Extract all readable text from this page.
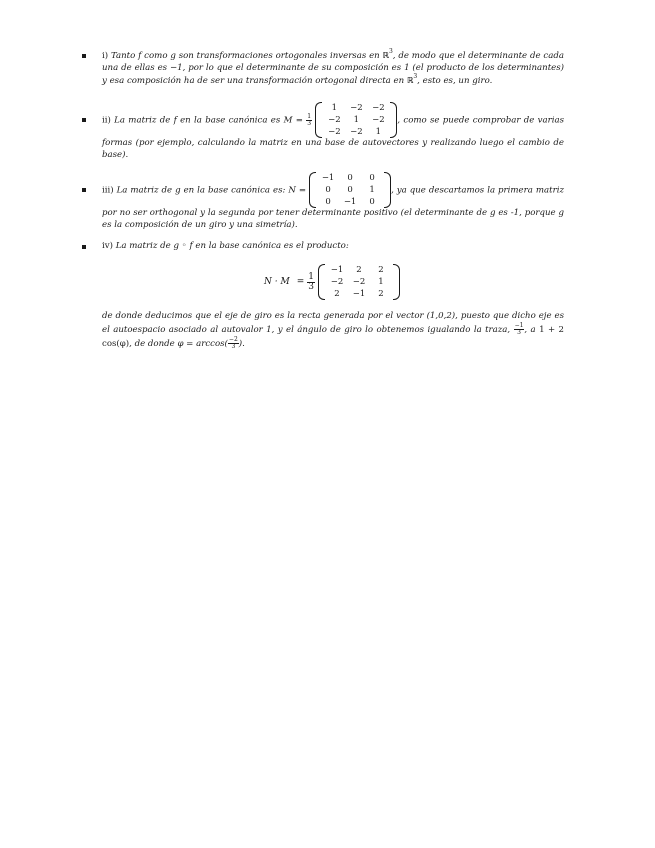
i) Tanto f como g son transformaciones ortogonales inversas en ℝ$^3$, de modo que el determinante de cada una de ellas es −1, por lo que el determinante de su composición es 1 (el producto de los determinantes) y esa composición ha de ser una transformación ortogonal directa en ℝ$^3$, esto es, un giro.
ii) La matriz de f en la base canónica es $M = \frac{1}{3}$

1	−2	−2
−2	1	−2
−2	−2	1
, como se puede comprobar de varias formas (por ejemplo, calculando la matriz en una base de autovectores y realizando luego el cambio de base).
iii) La matriz de g en la base canónica es: N =
−1	0	0
0	0	1
0	−1	0
, ya que descartamos la primera matriz por no ser orthogonal y la segunda por tener determinante positivo (el determinante de g es -1, porque g es la composición de un giro y una simetría).
iv) La matriz de g ◦ f en la base canónica es el producto:
$N \cdot M = \frac{1}{3}$
−1	2	2
−2	−2	1
2	−1	2
de donde deducimos que el eje de giro es la recta generada por el vector (1,0,2), puesto que dicho eje es el autoespacio asociado al autovalor 1, y el ángulo de giro lo obtenemos igualando la traza, $\frac{-1}{3}$ , a 1 + 2 cos(φ), de donde $\varphi = \arccos( \frac{-2}{3}$ ).
